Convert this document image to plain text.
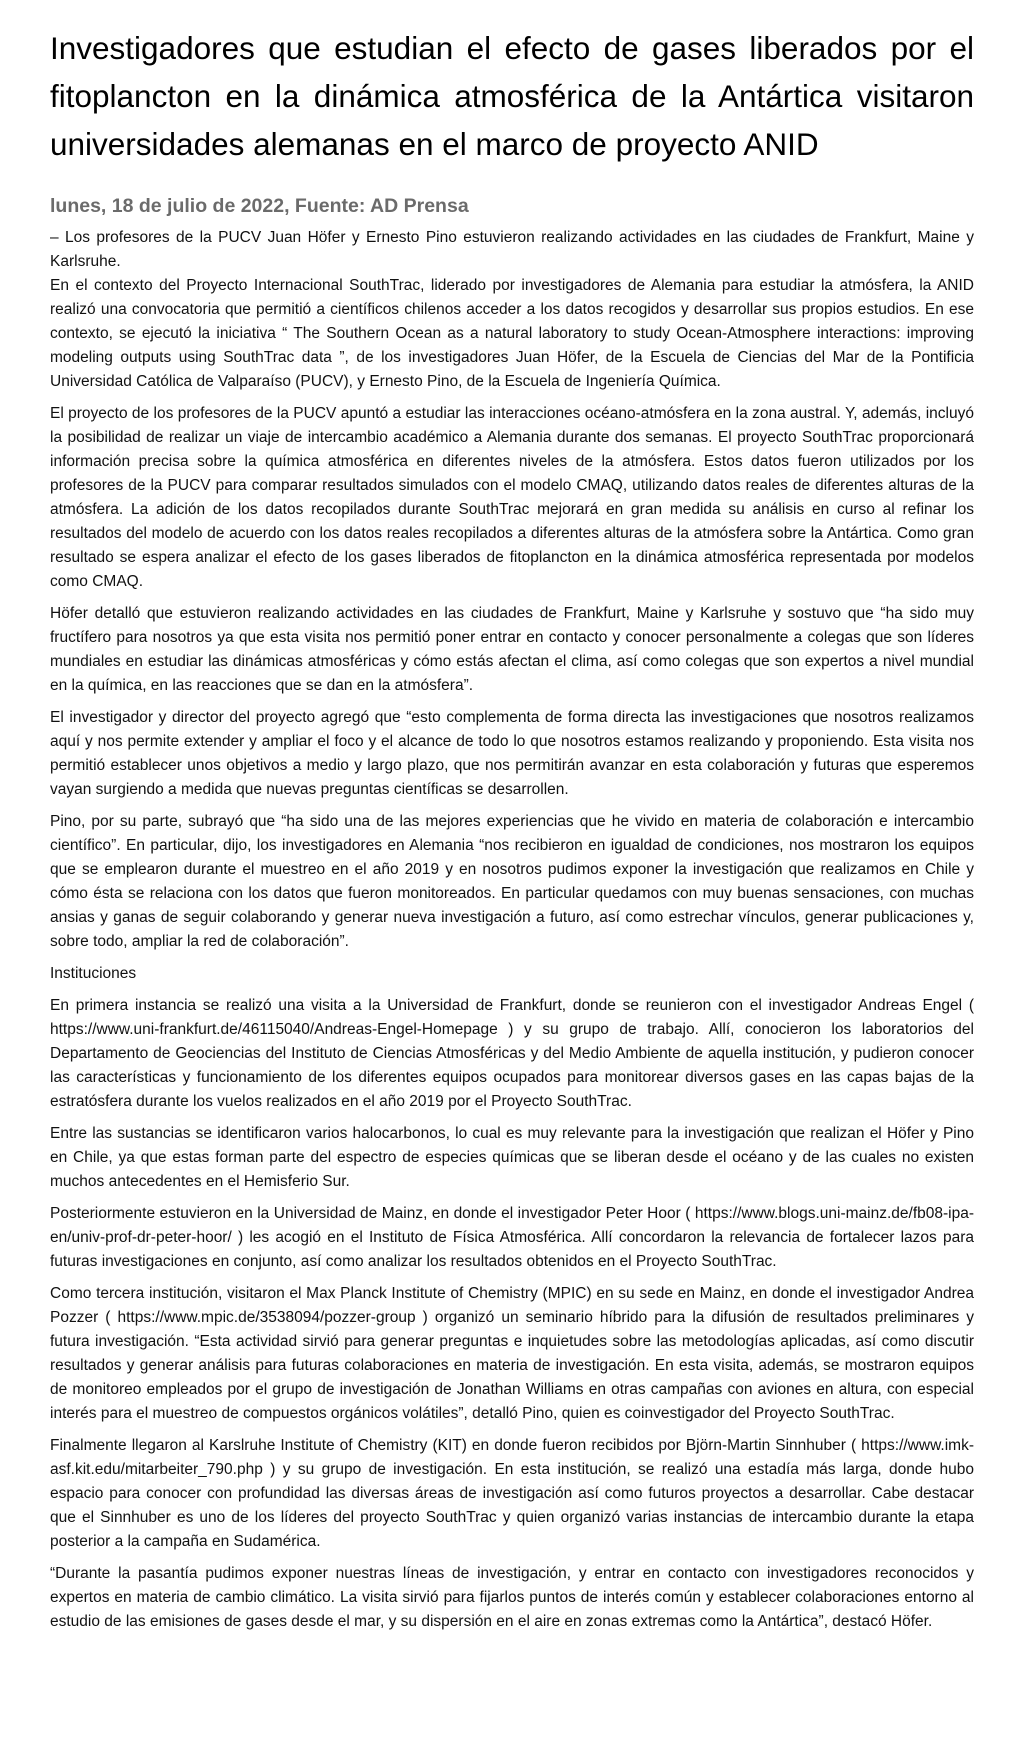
Investigadores que estudian el efecto de gases liberados por el fitoplancton en la dinámica atmosférica de la Antártica visitaron universidades alemanas en el marco de proyecto ANID
lunes, 18 de julio de 2022, Fuente: AD Prensa

– Los profesores de la PUCV Juan Höfer y Ernesto Pino estuvieron realizando actividades en las ciudades de Frankfurt, Maine y Karlsruhe.

En el contexto del Proyecto Internacional SouthTrac, liderado por investigadores de Alemania para estudiar la atmósfera, la ANID realizó una convocatoria que permitió a científicos chilenos acceder a los datos recogidos y desarrollar sus propios estudios. En ese contexto, se ejecutó la iniciativa “ The Southern Ocean as a natural laboratory to study Ocean-Atmosphere interactions: improving modeling outputs using SouthTrac data ”, de los investigadores Juan Höfer, de la Escuela de Ciencias del Mar de la Pontificia Universidad Católica de Valparaíso (PUCV), y Ernesto Pino, de la Escuela de Ingeniería Química.

El proyecto de los profesores de la PUCV apuntó a estudiar las interacciones océano-atmósfera en la zona austral. Y, además, incluyó la posibilidad de realizar un viaje de intercambio académico a Alemania durante dos semanas. El proyecto SouthTrac proporcionará información precisa sobre la química atmosférica en diferentes niveles de la atmósfera. Estos datos fueron utilizados por los profesores de la PUCV para comparar resultados simulados con el modelo CMAQ, utilizando datos reales de diferentes alturas de la atmósfera. La adición de los datos recopilados durante SouthTrac mejorará en gran medida su análisis en curso al refinar los resultados del modelo de acuerdo con los datos reales recopilados a diferentes alturas de la atmósfera sobre la Antártica. Como gran resultado se espera analizar el efecto de los gases liberados de fitoplancton en la dinámica atmosférica representada por modelos como CMAQ.

Höfer detalló que estuvieron realizando actividades en las ciudades de Frankfurt, Maine y Karlsruhe y sostuvo que “ha sido muy fructífero para nosotros ya que esta visita nos permitió poner entrar en contacto y conocer personalmente a colegas que son líderes mundiales en estudiar las dinámicas atmosféricas y cómo estás afectan el clima, así como colegas que son expertos a nivel mundial en la química, en las reacciones que se dan en la atmósfera”.

El investigador y director del proyecto agregó que “esto complementa de forma directa las investigaciones que nosotros realizamos aquí y nos permite extender y ampliar el foco y el alcance de todo lo que nosotros estamos realizando y proponiendo. Esta visita nos permitió establecer unos objetivos a medio y largo plazo, que nos permitirán avanzar en esta colaboración y futuras que esperemos vayan surgiendo a medida que nuevas preguntas científicas se desarrollen.

Pino, por su parte, subrayó que “ha sido una de las mejores experiencias que he vivido en materia de colaboración e intercambio científico”. En particular, dijo, los investigadores en Alemania “nos recibieron en igualdad de condiciones, nos mostraron los equipos que se emplearon durante el muestreo en el año 2019 y en nosotros pudimos exponer la investigación que realizamos en Chile y cómo ésta se relaciona con los datos que fueron monitoreados. En particular quedamos con muy buenas sensaciones, con muchas ansias y ganas de seguir colaborando y generar nueva investigación a futuro, así como estrechar vínculos, generar publicaciones y, sobre todo, ampliar la red de colaboración”.

Instituciones

En primera instancia se realizó una visita a la Universidad de Frankfurt, donde se reunieron con el investigador Andreas Engel ( https://www.uni-frankfurt.de/46115040/Andreas-Engel-Homepage ) y su grupo de trabajo. Allí, conocieron los laboratorios del Departamento de Geociencias del Instituto de Ciencias Atmosféricas y del Medio Ambiente de aquella institución, y pudieron conocer las características y funcionamiento de los diferentes equipos ocupados para monitorear diversos gases en las capas bajas de la estratósfera durante los vuelos realizados en el año 2019 por el Proyecto SouthTrac.

Entre las sustancias se identificaron varios halocarbonos, lo cual es muy relevante para la investigación que realizan el Höfer y Pino en Chile, ya que estas forman parte del espectro de especies químicas que se liberan desde el océano y de las cuales no existen muchos antecedentes en el Hemisferio Sur.

Posteriormente estuvieron en la Universidad de Mainz, en donde el investigador Peter Hoor ( https://www.blogs.uni-mainz.de/fb08-ipa-en/univ-prof-dr-peter-hoor/ ) les acogió en el Instituto de Física Atmosférica. Allí concordaron la relevancia de fortalecer lazos para futuras investigaciones en conjunto, así como analizar los resultados obtenidos en el Proyecto SouthTrac.

Como tercera institución, visitaron el Max Planck Institute of Chemistry (MPIC) en su sede en Mainz, en donde el investigador Andrea Pozzer ( https://www.mpic.de/3538094/pozzer-group ) organizó un seminario híbrido para la difusión de resultados preliminares y futura investigación. “Esta actividad sirvió para generar preguntas e inquietudes sobre las metodologías aplicadas, así como discutir resultados y generar análisis para futuras colaboraciones en materia de investigación. En esta visita, además, se mostraron equipos de monitoreo empleados por el grupo de investigación de Jonathan Williams en otras campañas con aviones en altura, con especial interés para el muestreo de compuestos orgánicos volátiles”, detalló Pino, quien es coinvestigador del Proyecto SouthTrac.

Finalmente llegaron al Karslruhe Institute of Chemistry (KIT) en donde fueron recibidos por Björn-Martin Sinnhuber ( https://www.imk-asf.kit.edu/mitarbeiter_790.php ) y su grupo de investigación. En esta institución, se realizó una estadía más larga, donde hubo espacio para conocer con profundidad las diversas áreas de investigación así como futuros proyectos a desarrollar. Cabe destacar que el Sinnhuber es uno de los líderes del proyecto SouthTrac y quien organizó varias instancias de intercambio durante la etapa posterior a la campaña en Sudamérica.

“Durante la pasantía pudimos exponer nuestras líneas de investigación, y entrar en contacto con investigadores reconocidos y expertos en materia de cambio climático. La visita sirvió para fijarlos puntos de interés común y establecer colaboraciones entorno al estudio de las emisiones de gases desde el mar, y su dispersión en el aire en zonas extremas como la Antártica”, destacó Höfer.
